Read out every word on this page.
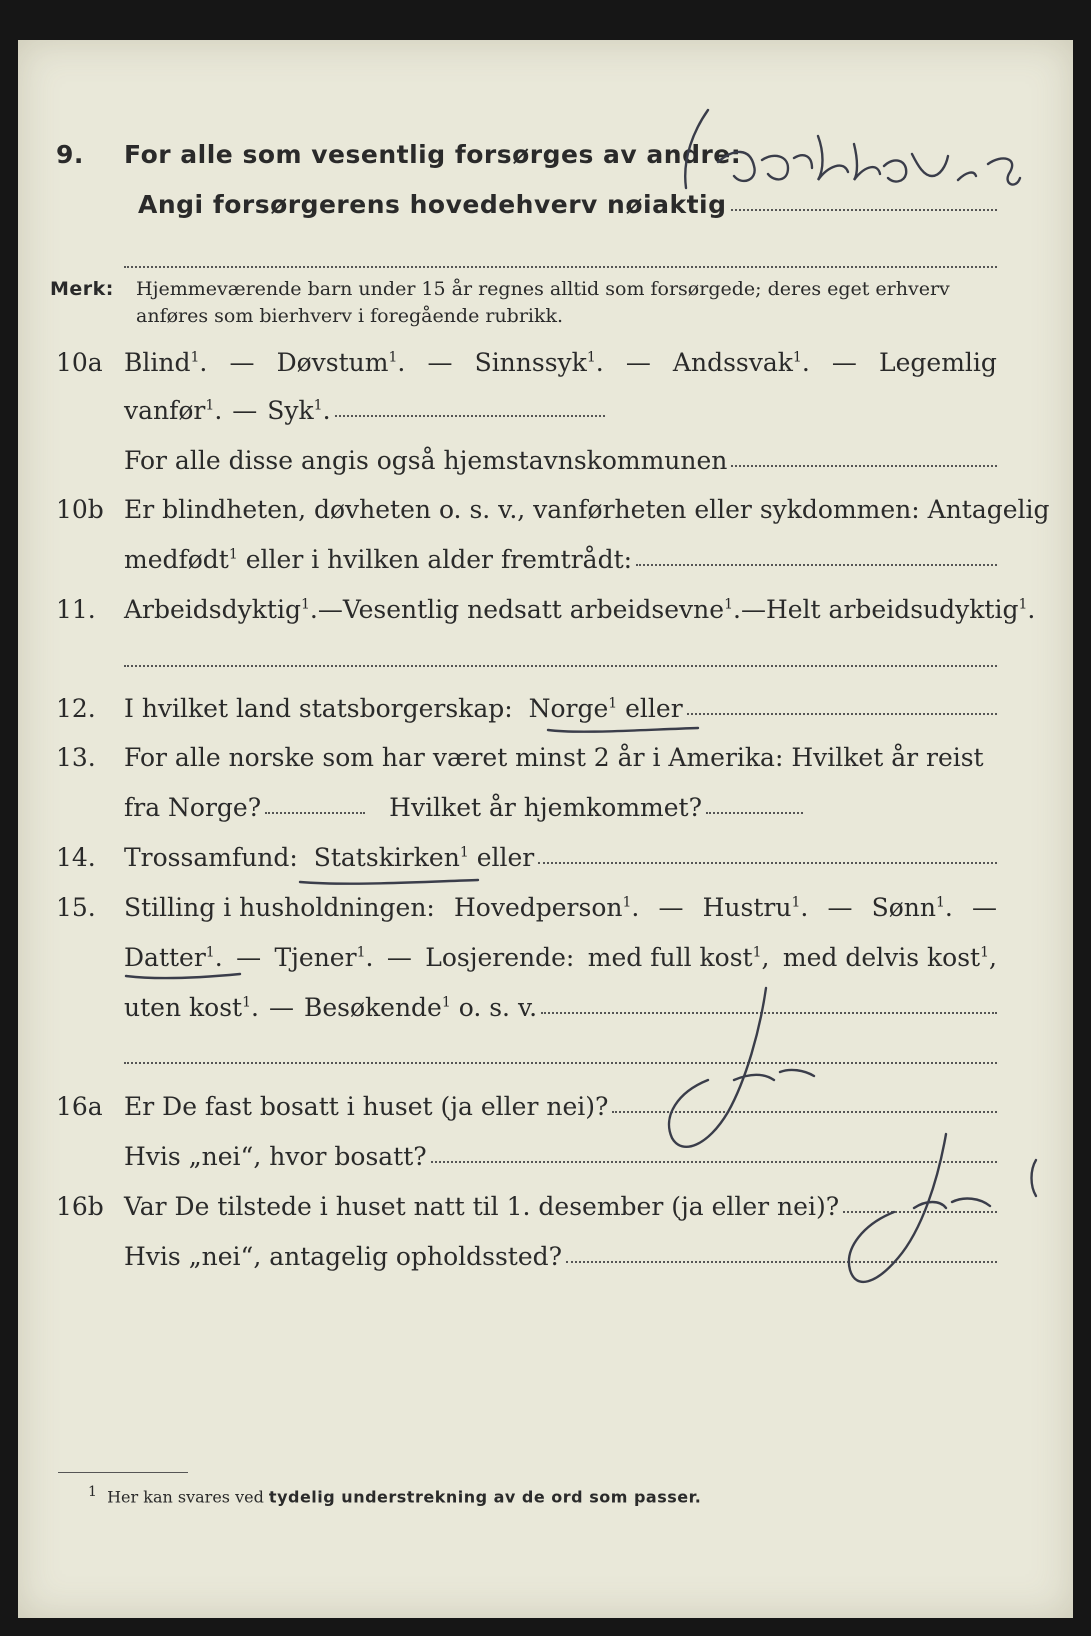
9.	For alle som vesentlig forsørges av andre:
Angi forsørgerens hovedehverv nøiaktig
Merk:	Hjemmeværende barn under 15 år regnes alltid som forsørgede; deres eget erhverv
anføres som bierhverv i foregående rubrikk.
10a Blind$^1$. — Døvstum$^1$. — Sinnssyk$^1$. — Andssvak$^1$. — Legemlig
vanfør$^1$. — Syk$^1$.
For alle disse angis også hjemstavnskommunen
10b Er blindheten, døvheten o. s. v., vanførheten eller sykdommen: Antagelig
medfødt$^1$
eller i hvilken alder fremtrådt:
11.	Arbeidsdyktig$^1$. — Vesentlig nedsatt arbeidsevne$^1$. — Helt arbeidsudyktig$^1$.
12.	I hvilket land statsborgerskap:
Norge$^1$
eller
13.	For alle norske som har været minst 2 år i Amerika: Hvilket år reist
fra Norge?	Hvilket år hjemkommet?
14.	Trossamfund:
Statskirken$^1$
eller
15.	Stilling i husholdningen: Hovedperson$^1$. — Hustru$^1$. — Sønn$^1$. —
Datter$^1$. — Tjener$^1$. — Losjerende: med full kost$^1$, med delvis kost$^1$,
uten kost$^1$. — Besøkende$^1$
o. s. v.
16a Er De fast bosatt i huset (ja eller nei)?
Hvis „nei“, hvor bosatt?
16b Var De tilstede i huset natt til 1. desember (ja eller nei)?
Hvis „nei“, antagelig opholdssted?
1 Her kan svares ved tydelig understrekning av de ord som passer.
